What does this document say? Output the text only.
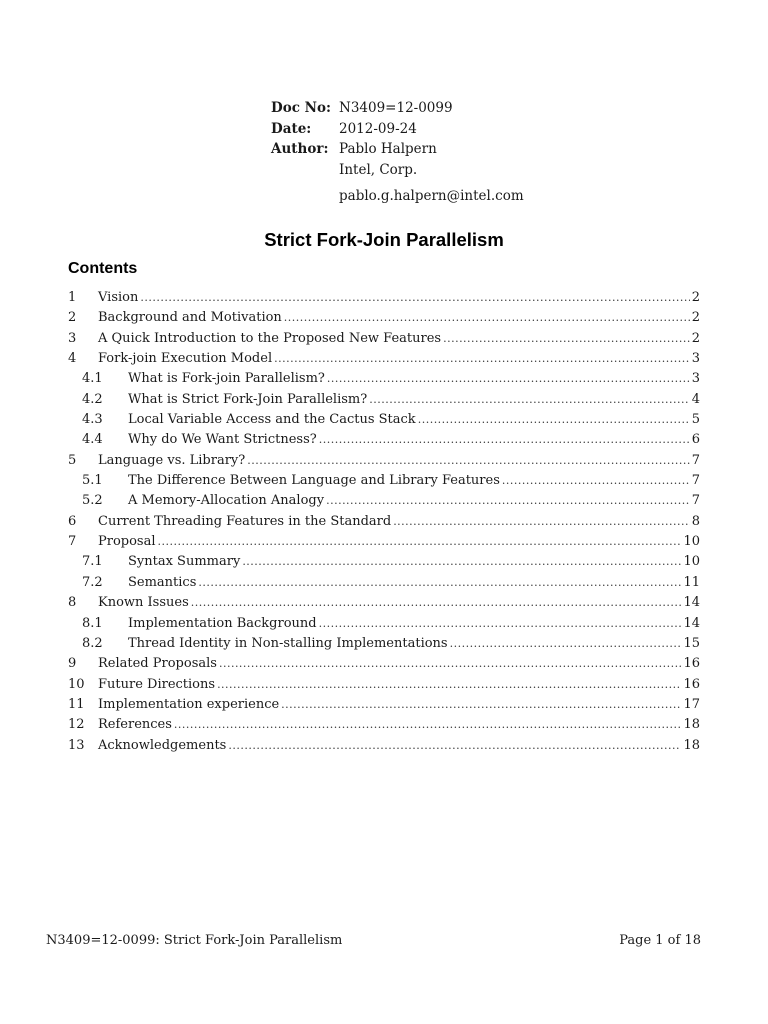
Doc No: N3409=12-0099
Date:	2012-09-24
Author: Pablo Halpern
Intel, Corp.
pablo.g.halpern@intel.com
Strict Fork-Join Parallelism
Contents
1	Vision .....	2
2	Background and Motivation .....	2
3	A Quick Introduction to the Proposed New Features .....	2
4	Fork-join Execution Model .....	3
4.1	What is Fork-join Parallelism? .....	3
4.2	What is Strict Fork-Join Parallelism? .....	4
4.3	Local Variable Access and the Cactus Stack .....	5
4.4	Why do We Want Strictness? .....	6
5	Language vs. Library? .....	7
5.1	The Difference Between Language and Library Features .....	7
5.2	A Memory-Allocation Analogy .....	7
6	Current Threading Features in the Standard .....	8
7	Proposal .....	10
7.1	Syntax Summary .....	10
7.2	Semantics .....	11
8	Known Issues .....	14
8.1	Implementation Background .....	14
8.2	Thread Identity in Non-stalling Implementations .....	15
9	Related Proposals .....	16
10	Future Directions .....	16
11	Implementation experience .....	17
12	References .....	18
13	Acknowledgements .....	18
N3409=12-0099: Strict Fork-Join Parallelism	Page 1 of 18
